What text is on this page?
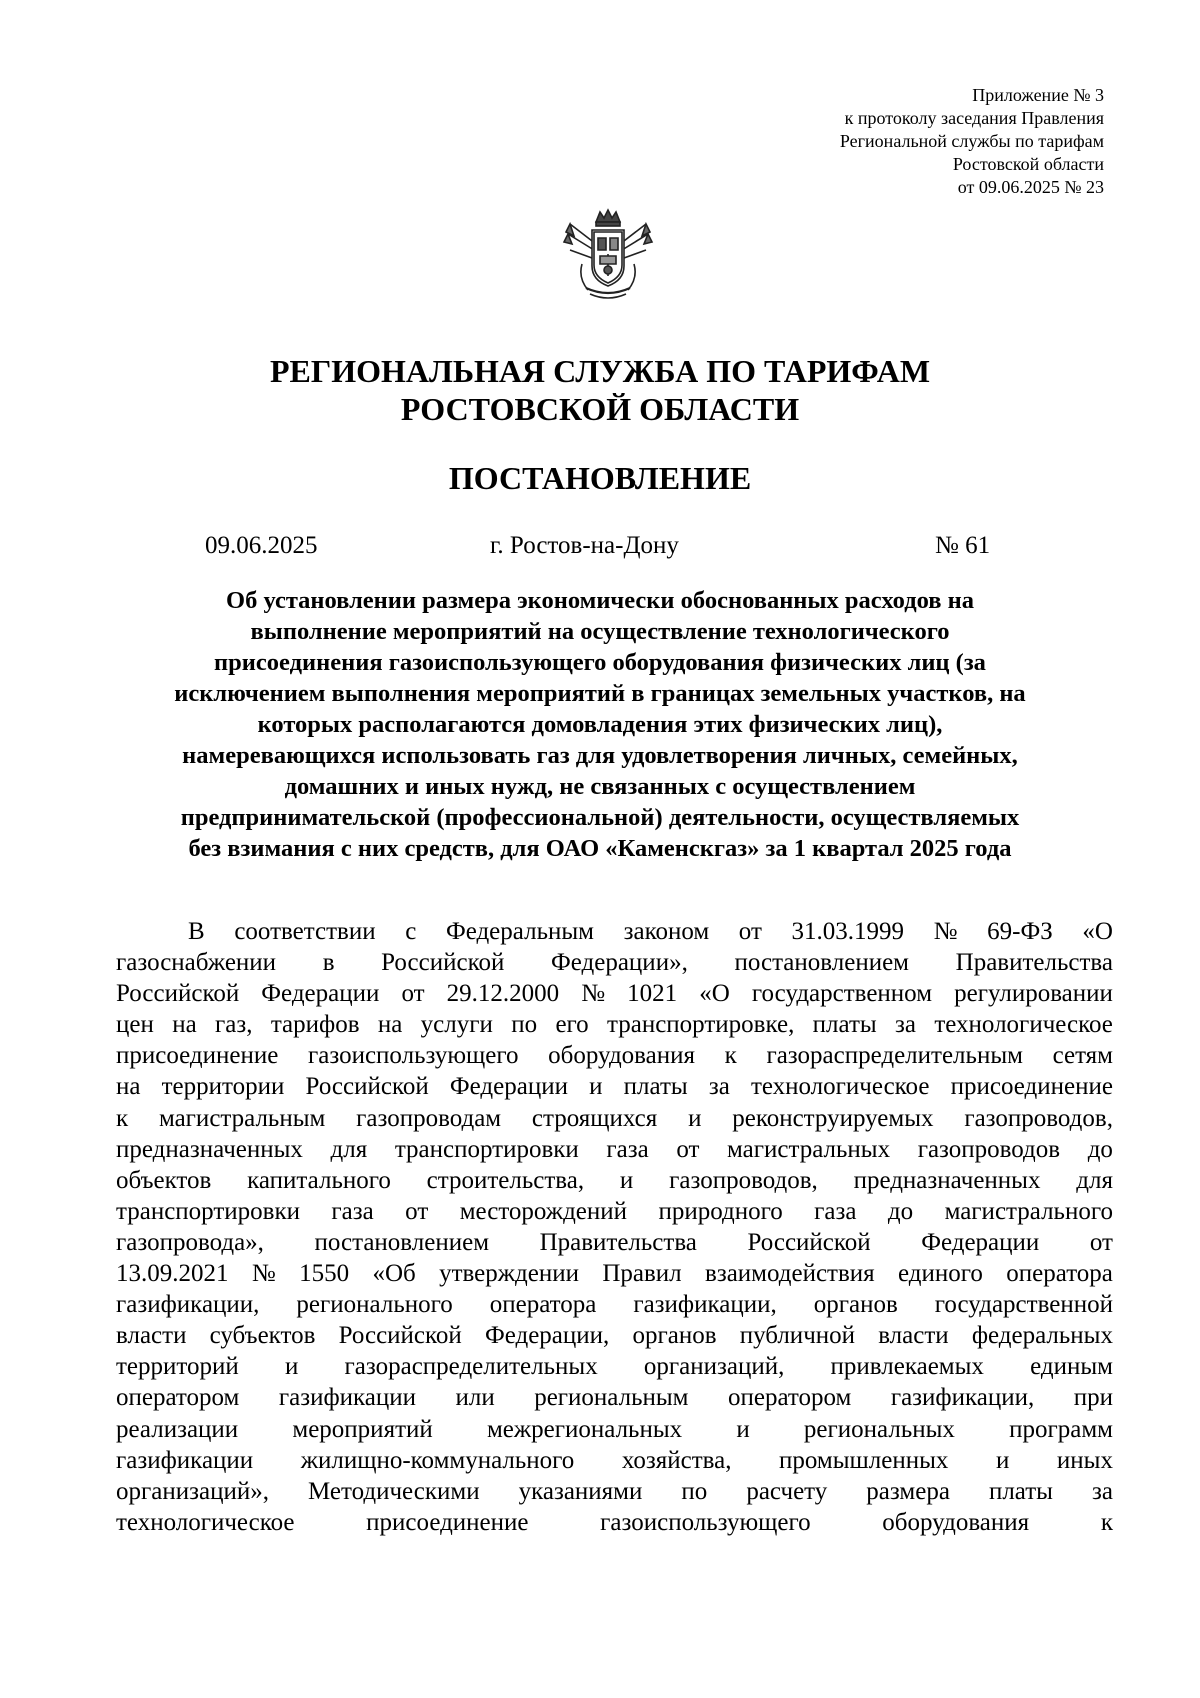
Приложение № 3
к протоколу заседания Правления
Региональной службы по тарифам
Ростовской области
от 09.06.2025 № 23
РЕГИОНАЛЬНАЯ СЛУЖБА ПО ТАРИФАМ
РОСТОВСКОЙ ОБЛАСТИ
ПОСТАНОВЛЕНИЕ
09.06.2025	г. Ростов-на-Дону	№ 61
Об установлении размера экономически обоснованных расходов на
выполнение мероприятий на осуществление технологического
присоединения газоиспользующего оборудования физических лиц (за
исключением выполнения мероприятий в границах земельных участков, на
которых располагаются домовладения этих физических лиц),
намеревающихся использовать газ для удовлетворения личных, семейных,
домашних и иных нужд, не связанных с осуществлением
предпринимательской (профессиональной) деятельности, осуществляемых
без взимания с них средств, для ОАО «Каменскгаз» за 1 квартал 2025 года
В соответствии с Федеральным законом от 31.03.1999 № 69-ФЗ «О
газоснабжении в Российской Федерации», постановлением Правительства
Российской Федерации от 29.12.2000 № 1021 «О государственном регулировании
цен на газ, тарифов на услуги по его транспортировке, платы за технологическое
присоединение газоиспользующего оборудования к газораспределительным сетям
на территории Российской Федерации и платы за технологическое присоединение
к магистральным газопроводам строящихся и реконструируемых газопроводов,
предназначенных для транспортировки газа от магистральных газопроводов до
объектов капитального строительства, и газопроводов, предназначенных для
транспортировки газа от месторождений природного газа до магистрального
газопровода», постановлением Правительства Российской Федерации от
13.09.2021 № 1550 «Об утверждении Правил взаимодействия единого оператора
газификации, регионального оператора газификации, органов государственной
власти субъектов Российской Федерации, органов публичной власти федеральных
территорий и газораспределительных организаций, привлекаемых единым
оператором газификации или региональным оператором газификации, при
реализации мероприятий межрегиональных и региональных программ
газификации жилищно-коммунального хозяйства, промышленных и иных
организаций», Методическими указаниями по расчету размера платы за
технологическое	присоединение	газоиспользующего	оборудования	к
